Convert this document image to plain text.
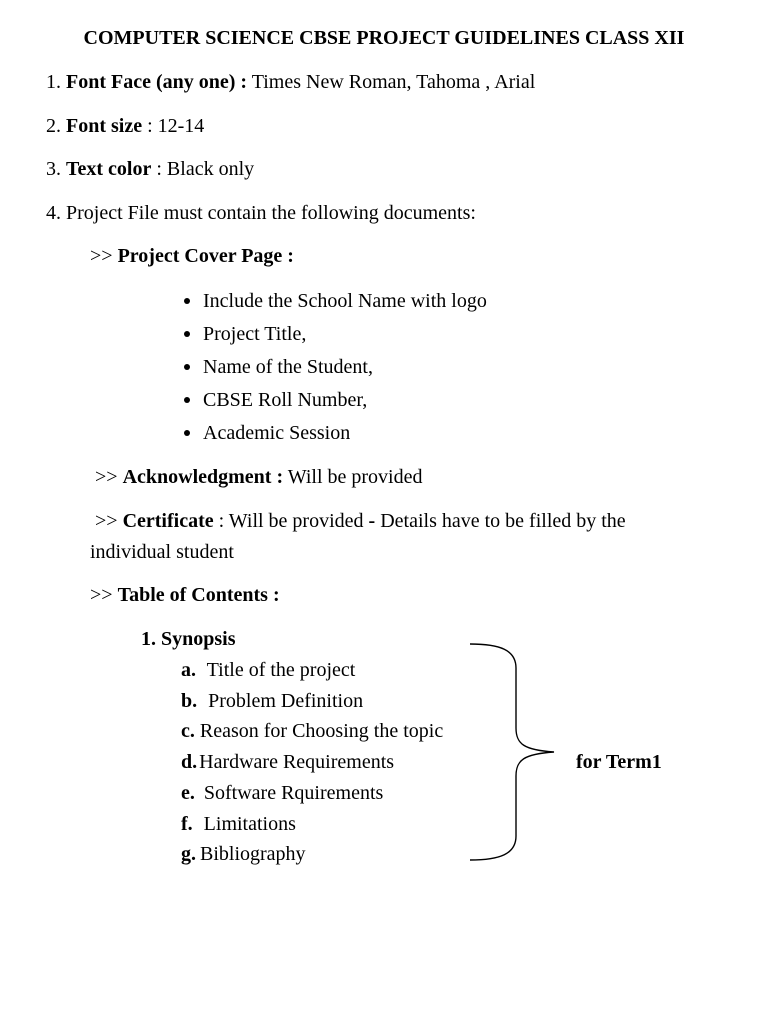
COMPUTER SCIENCE CBSE PROJECT GUIDELINES CLASS XII
1. Font Face (any one) : Times New Roman, Tahoma , Arial
2. Font size : 12-14
3. Text color : Black only
4. Project File must contain the following documents:
>> Project Cover Page :
Include the School Name with logo
Project Title,
Name of the Student,
CBSE Roll Number,
Academic Session
>> Acknowledgment : Will be provided
>> Certificate : Will be provided - Details have to be filled by the
individual student
>> Table of Contents :
1. Synopsis
a. Title of the project
b. Problem Definition
c. Reason for Choosing the topic
d. Hardware Requirements
e. Software Rquirements
f. Limitations
g. Bibliography
for Term1
